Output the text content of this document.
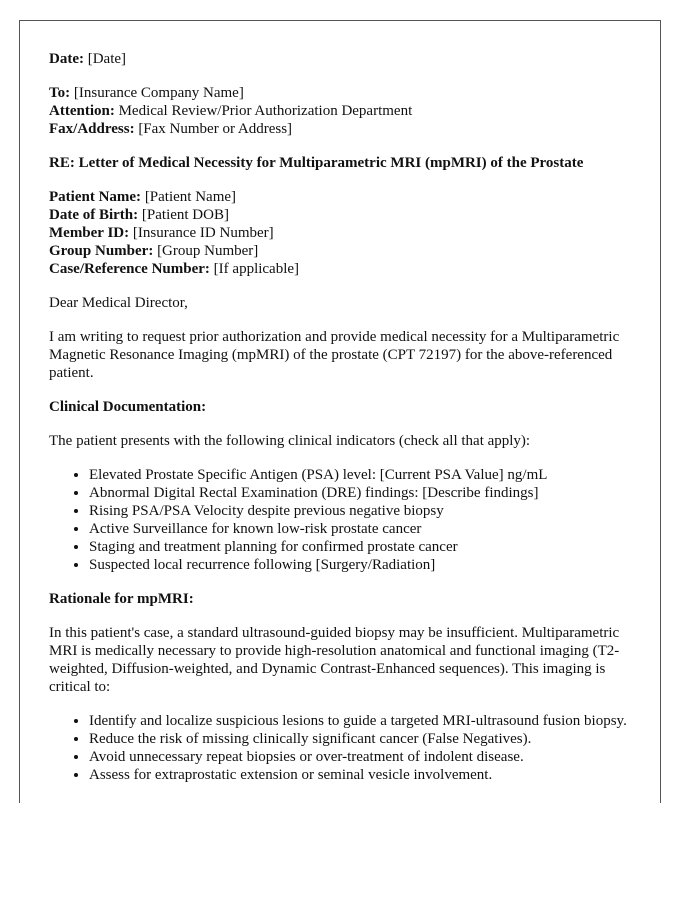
Date: [Date]

To: [Insurance Company Name]
Attention: Medical Review/Prior Authorization Department
Fax/Address: [Fax Number or Address]

RE: Letter of Medical Necessity for Multiparametric MRI (mpMRI) of the Prostate

Patient Name: [Patient Name]
Date of Birth: [Patient DOB]
Member ID: [Insurance ID Number]
Group Number: [Group Number]
Case/Reference Number: [If applicable]

Dear Medical Director,

I am writing to request prior authorization and provide medical necessity for a Multiparametric Magnetic Resonance Imaging (mpMRI) of the prostate (CPT 72197) for the above-referenced patient.

Clinical Documentation:

The patient presents with the following clinical indicators (check all that apply):

• Elevated Prostate Specific Antigen (PSA) level: [Current PSA Value] ng/mL
• Abnormal Digital Rectal Examination (DRE) findings: [Describe findings]
• Rising PSA/PSA Velocity despite previous negative biopsy
• Active Surveillance for known low-risk prostate cancer
• Staging and treatment planning for confirmed prostate cancer
• Suspected local recurrence following [Surgery/Radiation]

Rationale for mpMRI:

In this patient's case, a standard ultrasound-guided biopsy may be insufficient. Multiparametric MRI is medically necessary to provide high-resolution anatomical and functional imaging (T2-weighted, Diffusion-weighted, and Dynamic Contrast-Enhanced sequences). This imaging is critical to:

• Identify and localize suspicious lesions to guide a targeted MRI-ultrasound fusion biopsy.
• Reduce the risk of missing clinically significant cancer (False Negatives).
• Avoid unnecessary repeat biopsies or over-treatment of indolent disease.
• Assess for extraprostatic extension or seminal vesicle involvement.
